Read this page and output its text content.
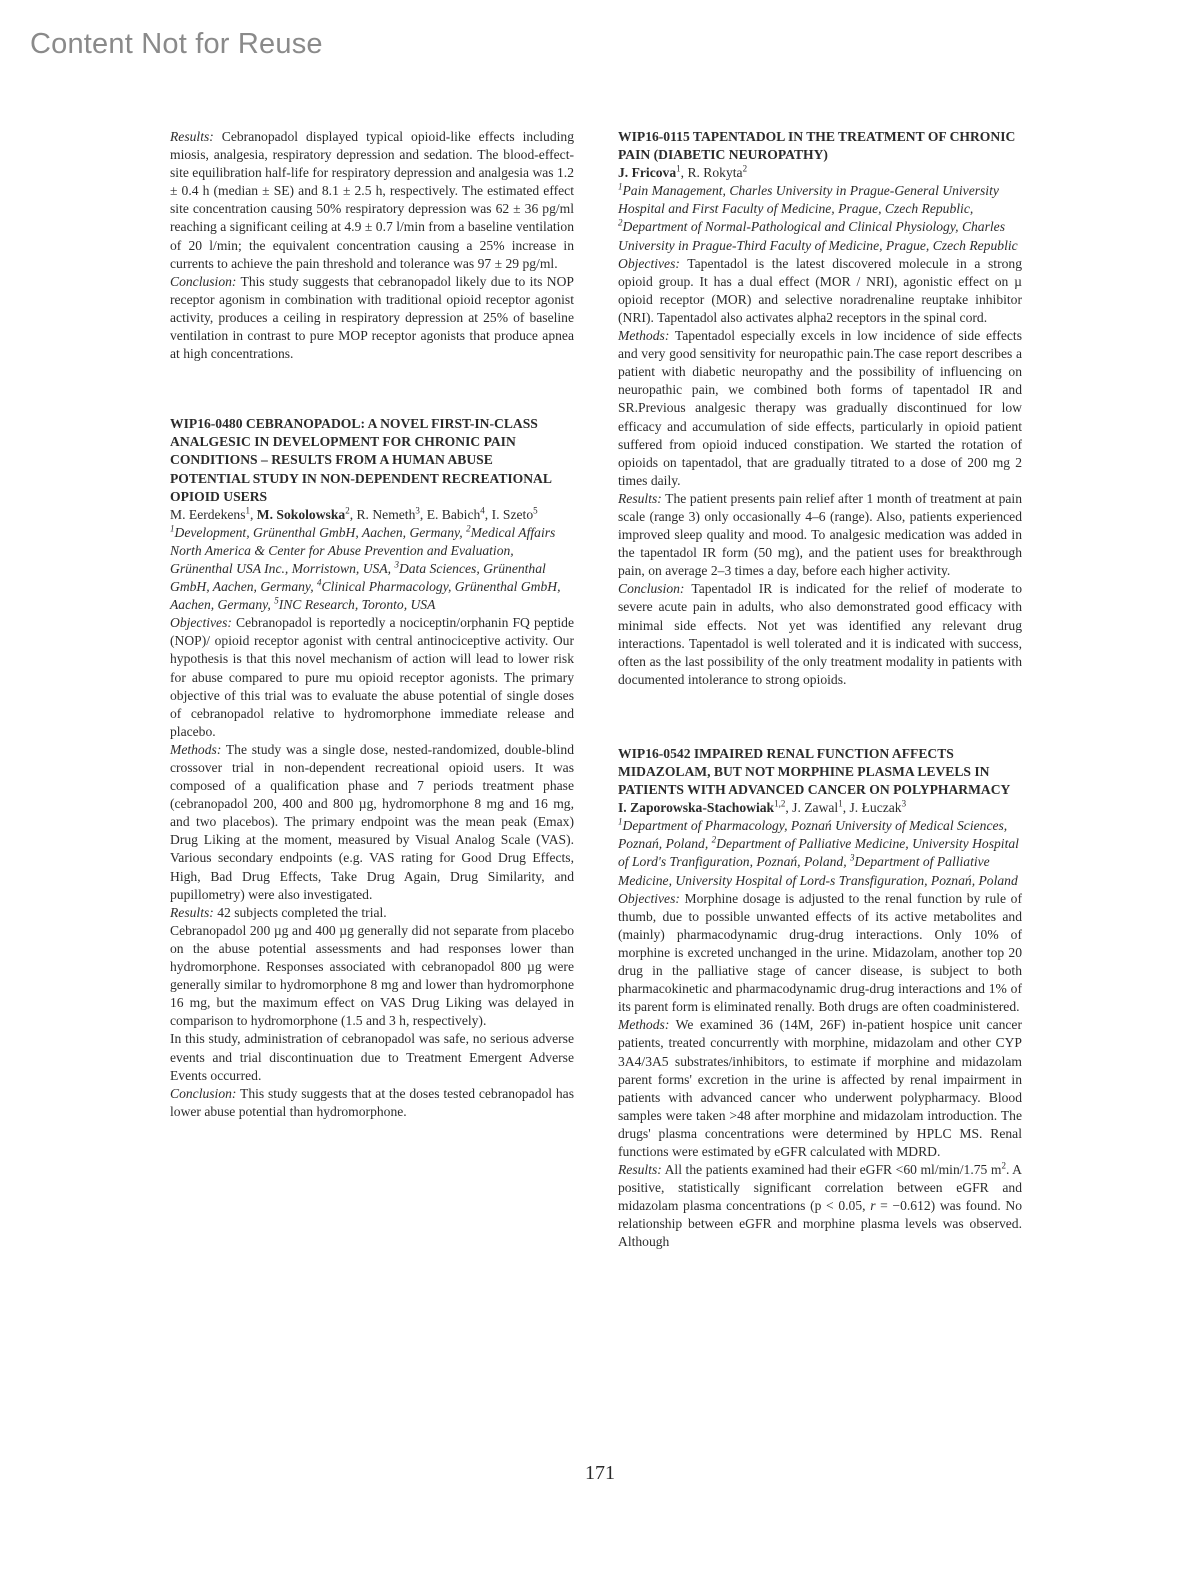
Content Not for Reuse

Results: Cebranopadol displayed typical opioid-like effects including miosis, analgesia, respiratory depression and sedation. The blood-effect-site equilibration half-life for respiratory depression and analgesia was 1.2 ± 0.4 h (median ± SE) and 8.1 ± 2.5 h, respectively. The estimated effect site concentration causing 50% respiratory depression was 62 ± 36 pg/ml reaching a significant ceiling at 4.9 ± 0.7 l/min from a baseline ventilation of 20 l/min; the equivalent concentration causing a 25% increase in currents to achieve the pain threshold and tolerance was 97 ± 29 pg/ml.

Conclusion: This study suggests that cebranopadol likely due to its NOP receptor agonism in combination with traditional opioid receptor agonist activity, produces a ceiling in respiratory depression at 25% of baseline ventilation in contrast to pure MOP receptor agonists that produce apnea at high concentrations.

WIP16-0480 CEBRANOPADOL: A NOVEL FIRST-IN-CLASS ANALGESIC IN DEVELOPMENT FOR CHRONIC PAIN CONDITIONS – RESULTS FROM A HUMAN ABUSE POTENTIAL STUDY IN NON-DEPENDENT RECREATIONAL OPIOID USERS

M. Eerdekens$^1$, M. Sokolowska$^2$, R. Nemeth$^3$, E. Babich$^4$, I. Szeto$^5$

$^1$Development, Grünenthal GmbH, Aachen, Germany, $^2$Medical Affairs North America & Center for Abuse Prevention and Evaluation, Grünenthal USA Inc., Morristown, USA, $^3$Data Sciences, Grünenthal GmbH, Aachen, Germany, $^4$Clinical Pharmacology, Grünenthal GmbH, Aachen, Germany, $^5$INC Research, Toronto, USA

Objectives: Cebranopadol is reportedly a nociceptin/orphanin FQ peptide (NOP)/ opioid receptor agonist with central antinociceptive activity. Our hypothesis is that this novel mechanism of action will lead to lower risk for abuse compared to pure mu opioid receptor agonists. The primary objective of this trial was to evaluate the abuse potential of single doses of cebranopadol relative to hydromorphone immediate release and placebo.

Methods: The study was a single dose, nested-randomized, double-blind crossover trial in non-dependent recreational opioid users. It was composed of a qualification phase and 7 periods treatment phase (cebranopadol 200, 400 and 800 µg, hydromorphone 8 mg and 16 mg, and two placebos). The primary endpoint was the mean peak (Emax) Drug Liking at the moment, measured by Visual Analog Scale (VAS). Various secondary endpoints (e.g. VAS rating for Good Drug Effects, High, Bad Drug Effects, Take Drug Again, Drug Similarity, and pupillometry) were also investigated.

Results: 42 subjects completed the trial.

Cebranopadol 200 µg and 400 µg generally did not separate from placebo on the abuse potential assessments and had responses lower than hydromorphone. Responses associated with cebranopadol 800 µg were generally similar to hydromorphone 8 mg and lower than hydromorphone 16 mg, but the maximum effect on VAS Drug Liking was delayed in comparison to hydromorphone (1.5 and 3 h, respectively).

In this study, administration of cebranopadol was safe, no serious adverse events and trial discontinuation due to Treatment Emergent Adverse Events occurred.

Conclusion: This study suggests that at the doses tested cebranopadol has lower abuse potential than hydromorphone.

WIP16-0115 TAPENTADOL IN THE TREATMENT OF CHRONIC PAIN (DIABETIC NEUROPATHY)

J. Fricova$^1$, R. Rokyta$^2$

$^1$Pain Management, Charles University in Prague-General University Hospital and First Faculty of Medicine, Prague, Czech Republic, $^2$Department of Normal-Pathological and Clinical Physiology, Charles University in Prague-Third Faculty of Medicine, Prague, Czech Republic

Objectives: Tapentadol is the latest discovered molecule in a strong opioid group. It has a dual effect (MOR / NRI), agonistic effect on µ opioid receptor (MOR) and selective noradrenaline reuptake inhibitor (NRI). Tapentadol also activates alpha2 receptors in the spinal cord.

Methods: Tapentadol especially excels in low incidence of side effects and very good sensitivity for neuropathic pain.The case report describes a patient with diabetic neuropathy and the possibility of influencing on neuropathic pain, we combined both forms of tapentadol IR and SR.Previous analgesic therapy was gradually discontinued for low efficacy and accumulation of side effects, particularly in opioid patient suffered from opioid induced constipation. We started the rotation of opioids on tapentadol, that are gradually titrated to a dose of 200 mg 2 times daily.

Results: The patient presents pain relief after 1 month of treatment at pain scale (range 3) only occasionally 4–6 (range). Also, patients experienced improved sleep quality and mood. To analgesic medication was added in the tapentadol IR form (50 mg), and the patient uses for breakthrough pain, on average 2–3 times a day, before each higher activity.

Conclusion: Tapentadol IR is indicated for the relief of moderate to severe acute pain in adults, who also demonstrated good efficacy with minimal side effects. Not yet was identified any relevant drug interactions. Tapentadol is well tolerated and it is indicated with success, often as the last possibility of the only treatment modality in patients with documented intolerance to strong opioids.

WIP16-0542 IMPAIRED RENAL FUNCTION AFFECTS MIDAZOLAM, BUT NOT MORPHINE PLASMA LEVELS IN PATIENTS WITH ADVANCED CANCER ON POLYPHARMACY

I. Zaporowska-Stachowiak$^{1,2}$, J. Zawal$^1$, J. Łuczak$^3$

$^1$Department of Pharmacology, Poznań University of Medical Sciences, Poznań, Poland, $^2$Department of Palliative Medicine, University Hospital of Lord's Tranfiguration, Poznań, Poland, $^3$Department of Palliative Medicine, University Hospital of Lord-s Transfiguration, Poznań, Poland

Objectives: Morphine dosage is adjusted to the renal function by rule of thumb, due to possible unwanted effects of its active metabolites and (mainly) pharmacodynamic drug-drug interactions. Only 10% of morphine is excreted unchanged in the urine. Midazolam, another top 20 drug in the palliative stage of cancer disease, is subject to both pharmacokinetic and pharmacodynamic drug-drug interactions and 1% of its parent form is eliminated renally. Both drugs are often coadministered.

Methods: We examined 36 (14M, 26F) in-patient hospice unit cancer patients, treated concurrently with morphine, midazolam and other CYP 3A4/3A5 substrates/inhibitors, to estimate if morphine and midazolam parent forms' excretion in the urine is affected by renal impairment in patients with advanced cancer who underwent polypharmacy. Blood samples were taken >48 after morphine and midazolam introduction. The drugs' plasma concentrations were determined by HPLC MS. Renal functions were estimated by eGFR calculated with MDRD.

Results: All the patients examined had their eGFR <60 ml/min/1.75 $m^2$. A positive, statistically significant correlation between eGFR and midazolam plasma concentrations (p < 0.05, r = −0.612) was found. No relationship between eGFR and morphine plasma levels was observed. Although

171
